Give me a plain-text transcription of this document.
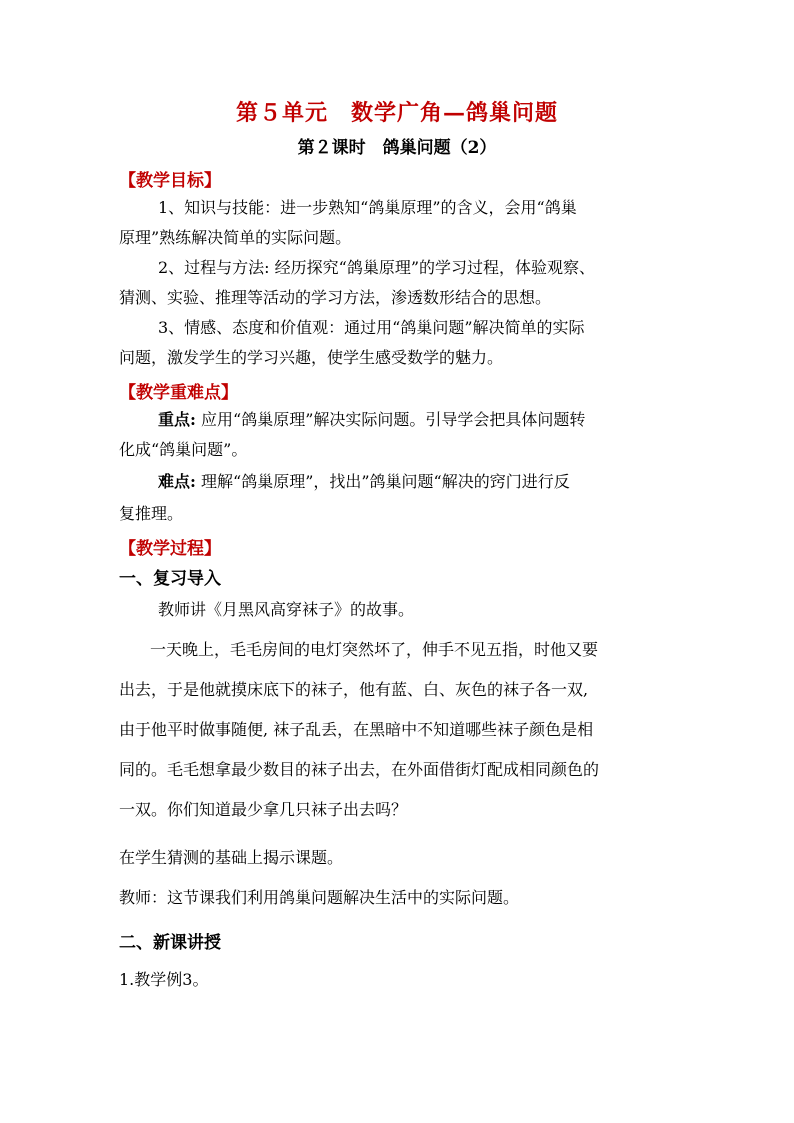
第５单元　数学广角—鸽巢问题
第２课时　鸽巢问题（2）
【教学目标】
1、知识与技能：进一步熟知“鸽巢原理”的含义，会用“鸽巢
原理”熟练解决简单的实际问题。
2、过程与方法: 经历探究“鸽巢原理”的学习过程，体验观察、
猜测、实验、推理等活动的学习方法，渗透数形结合的思想。
3、情感、态度和价值观：通过用“鸽巢问题”解决简单的实际
问题，激发学生的学习兴趣，使学生感受数学的魅力。
【教学重难点】
重点: 应用“鸽巢原理”解决实际问题。引导学会把具体问题转
化成“鸽巢问题”。
难点: 理解“鸽巢原理”，找出”鸽巢问题“解决的窍门进行反
复推理。
【教学过程】
一、复习导入
教师讲《月黑风高穿袜子》的故事。
一天晚上，毛毛房间的电灯突然坏了，伸手不见五指，时他又要
出去，于是他就摸床底下的袜子，他有蓝、白、灰色的袜子各一双,
由于他平时做事随便, 袜子乱丢，在黑暗中不知道哪些袜子颜色是相
同的。毛毛想拿最少数目的袜子出去，在外面借街灯配成相同颜色的
一双。你们知道最少拿几只袜子出去吗？
在学生猜测的基础上揭示课题。
教师：这节课我们利用鸽巢问题解决生活中的实际问题。
二、新课讲授
1.教学例3。
